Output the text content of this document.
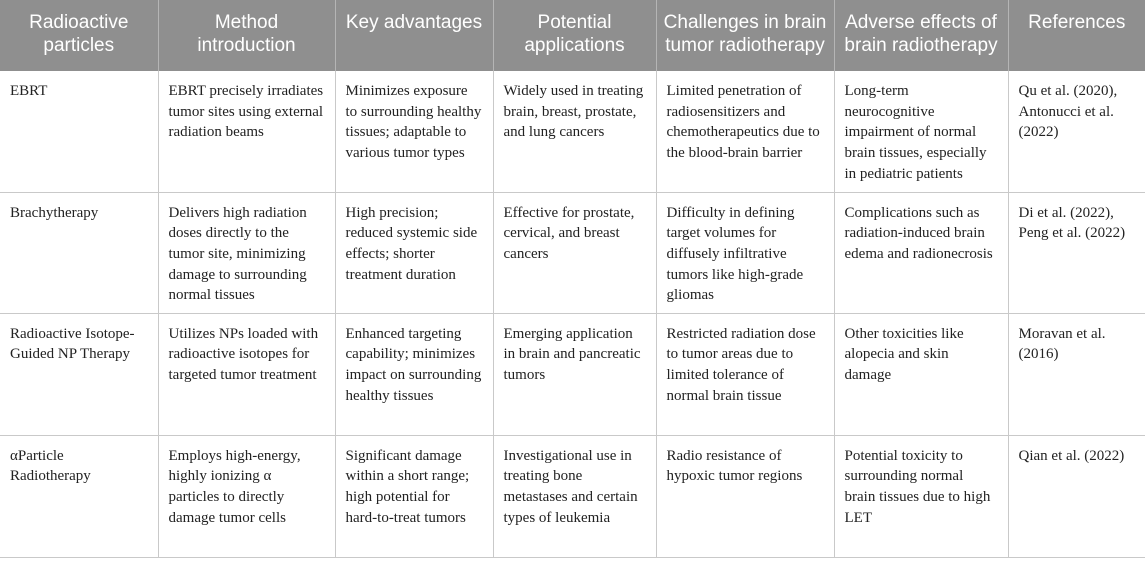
Radioactive particles	Method introduction	Key advantages	Potential applications	Challenges in brain tumor radiotherapy	Adverse effects of brain radiotherapy	References
EBRT	EBRT precisely irradiates tumor sites using external radiation beams	Minimizes exposure to surrounding healthy tissues; adaptable to various tumor types	Widely used in treating brain, breast, prostate, and lung cancers	Limited penetration of radiosensitizers and chemotherapeutics due to the blood-brain barrier	Long-term neurocognitive impairment of normal brain tissues, especially in pediatric patients	Qu et al. (2020), Antonucci et al. (2022)
Brachytherapy	Delivers high radiation doses directly to the tumor site, minimizing damage to surrounding normal tissues	High precision; reduced systemic side effects; shorter treatment duration	Effective for prostate, cervical, and breast cancers	Difficulty in defining target volumes for diffusely infiltrative tumors like high-grade gliomas	Complications such as radiation-induced brain edema and radionecrosis	Di et al. (2022), Peng et al. (2022)
Radioactive Isotope-Guided NP Therapy	Utilizes NPs loaded with radioactive isotopes for targeted tumor treatment	Enhanced targeting capability; minimizes impact on surrounding healthy tissues	Emerging application in brain and pancreatic tumors	Restricted radiation dose to tumor areas due to limited tolerance of normal brain tissue	Other toxicities like alopecia and skin damage	Moravan et al. (2016)
αParticle Radiotherapy	Employs high-energy, highly ionizing α particles to directly damage tumor cells	Significant damage within a short range; high potential for hard-to-treat tumors	Investigational use in treating bone metastases and certain types of leukemia	Radio resistance of hypoxic tumor regions	Potential toxicity to surrounding normal brain tissues due to high LET	Qian et al. (2022)
